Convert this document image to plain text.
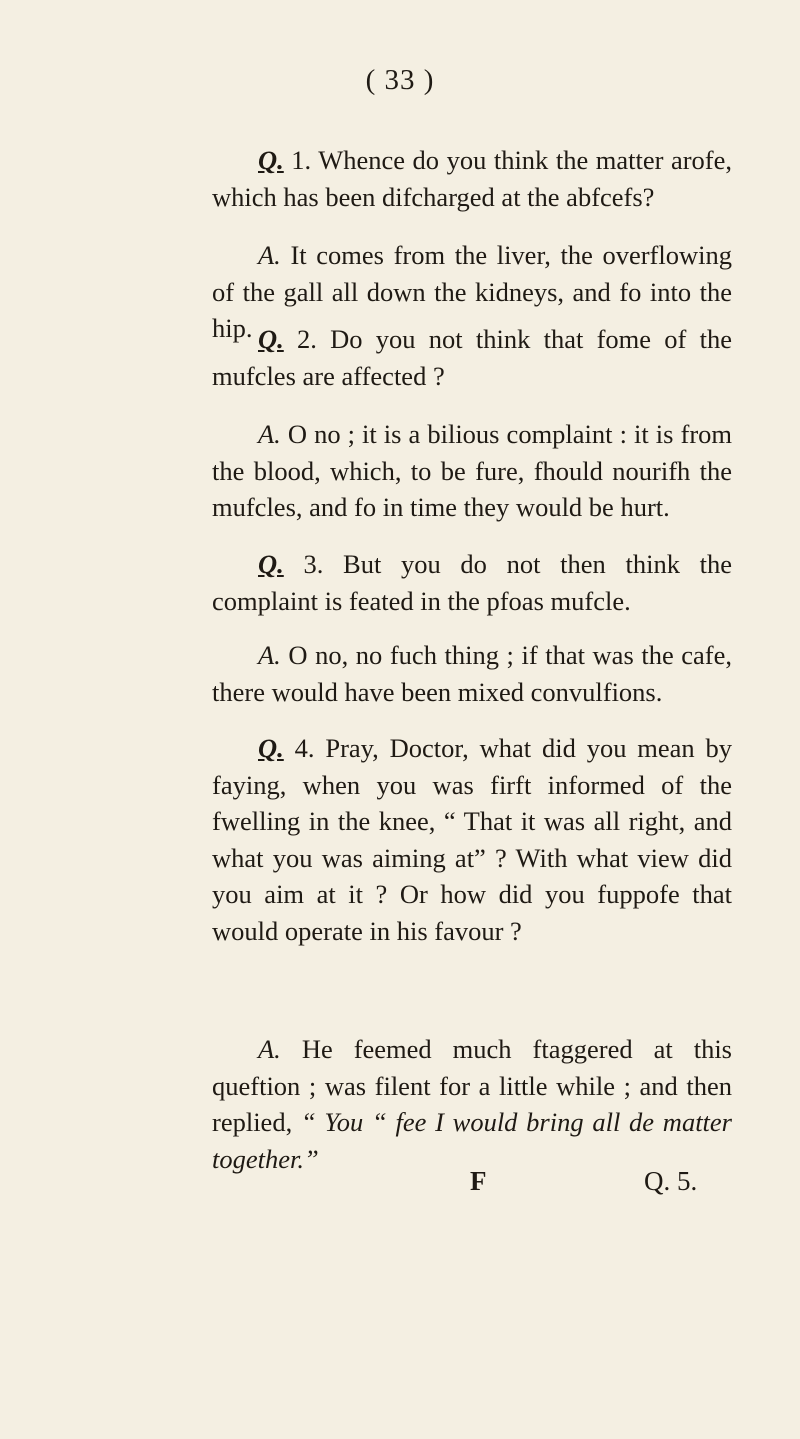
( 33 )

Q. 1. Whence do you think the matter arofe, which has been difcharged at the abfcefs?

A. It comes from the liver, the overflowing of the gall all down the kidneys, and fo into the hip. Q. 2. Do you not think that fome of the mufcles are affected ?

A. O no ; it is a bilious complaint : it is from the blood, which, to be fure, fhould nourifh the mufcles, and fo in time they would be hurt.

Q. 3. But you do not then think the complaint is feated in the pfoas mufcle.

A. O no, no fuch thing ; if that was the cafe, there would have been mixed convulfions.

Q. 4. Pray, Doctor, what did you mean by faying, when you was firft informed of the fwelling in the knee, “ That it was all right, and what you was aiming at” ? With what view did you aim at it ? Or how did you fuppofe that would operate in his favour ?

A. He feemed much ftaggered at this queftion ; was filent for a little while ; and then replied, “ You “ fee I would bring all de matter together.”

F	Q. 5.
